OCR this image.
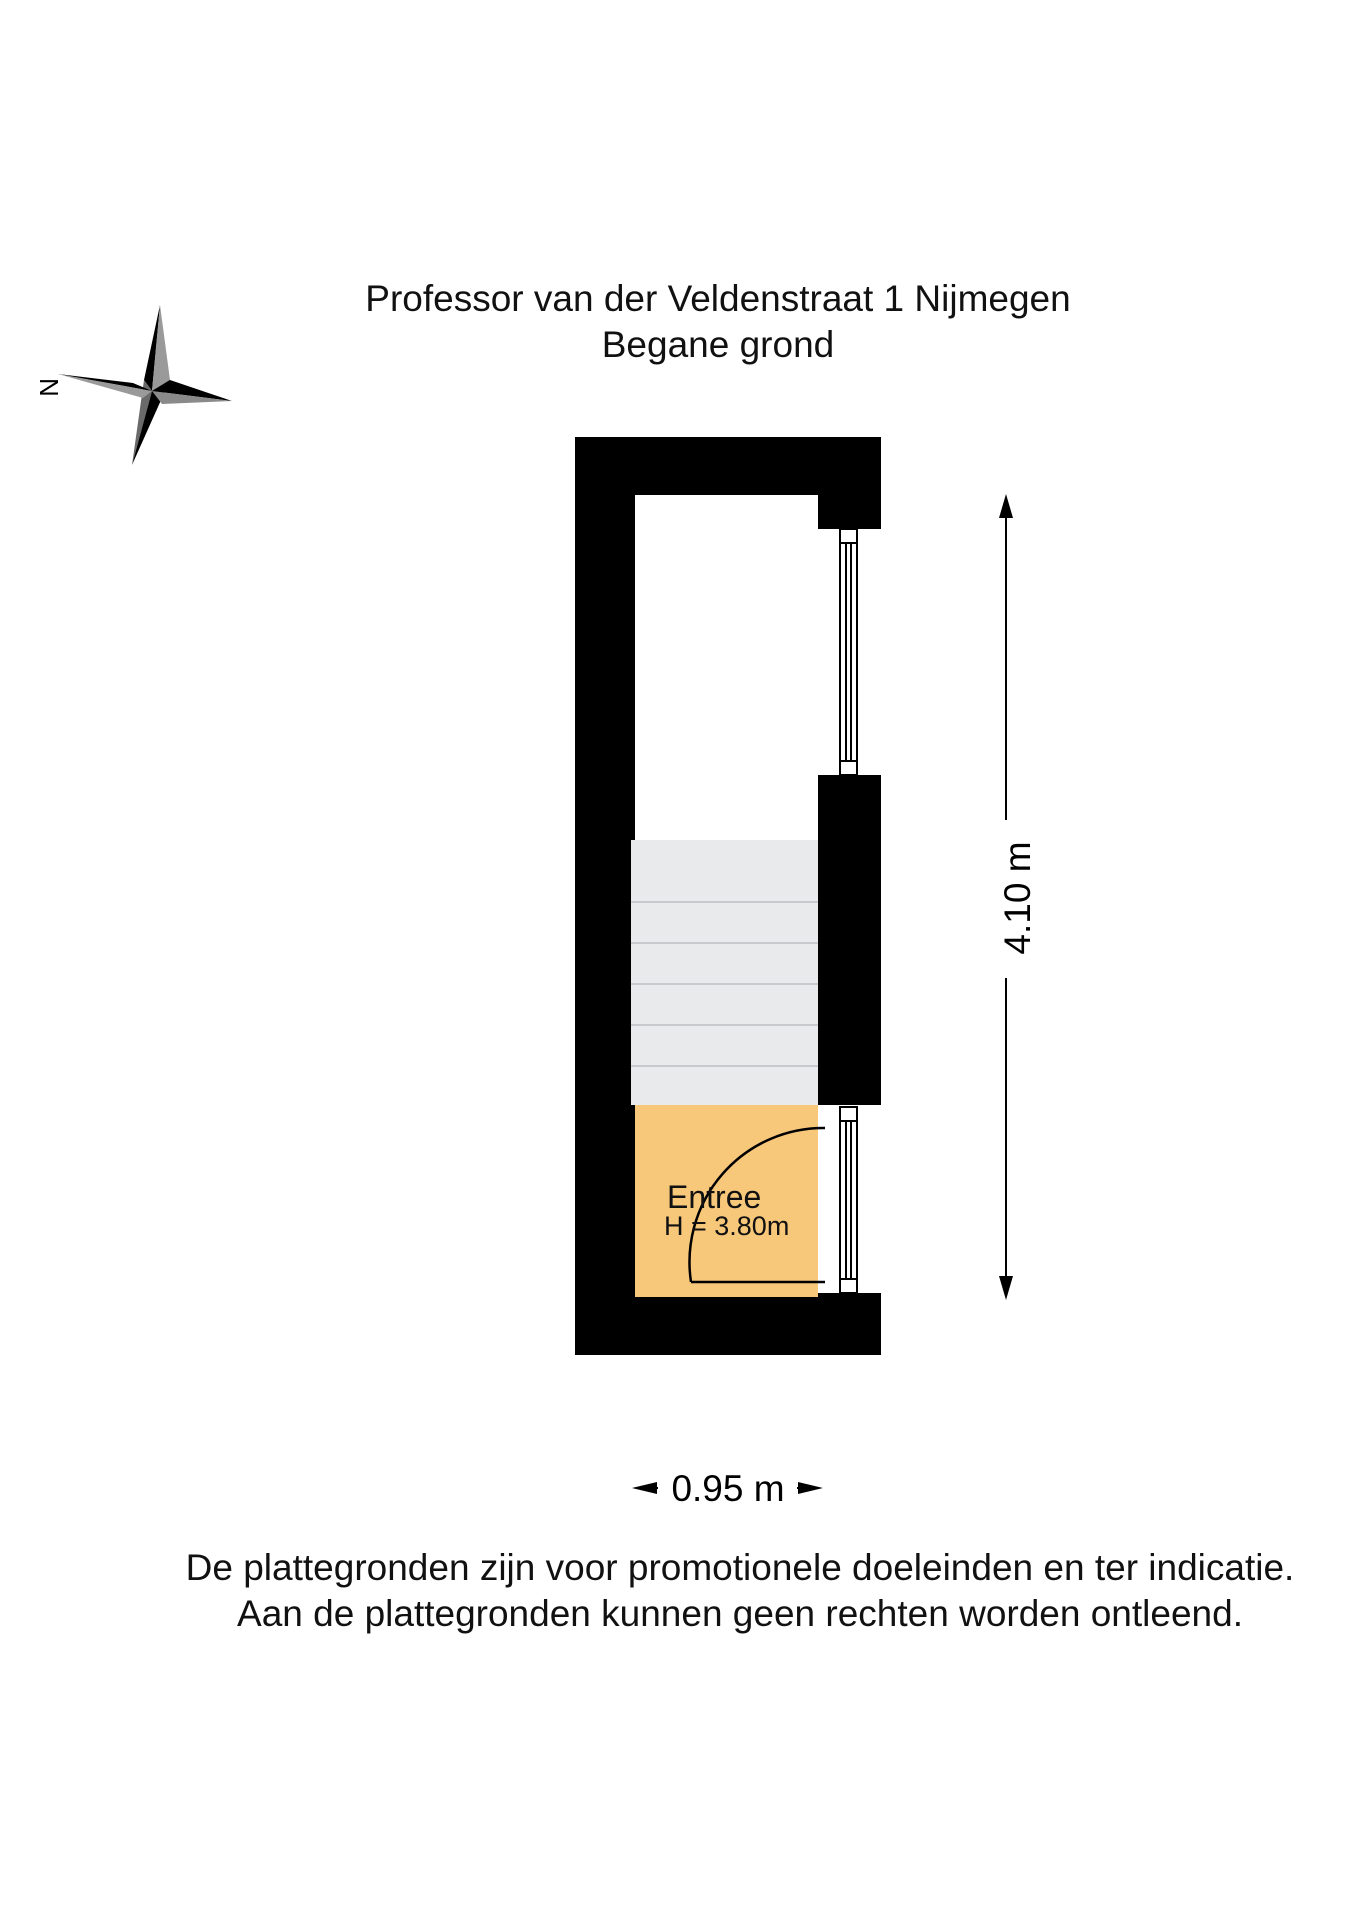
Professor van der Veldenstraat 1 Nijmegen
Begane grond
N
Entree
H = 3.80m
4.10 m
0.95 m
De plattegronden zijn voor promotionele doeleinden en ter indicatie.
Aan de plattegronden kunnen geen rechten worden ontleend.
